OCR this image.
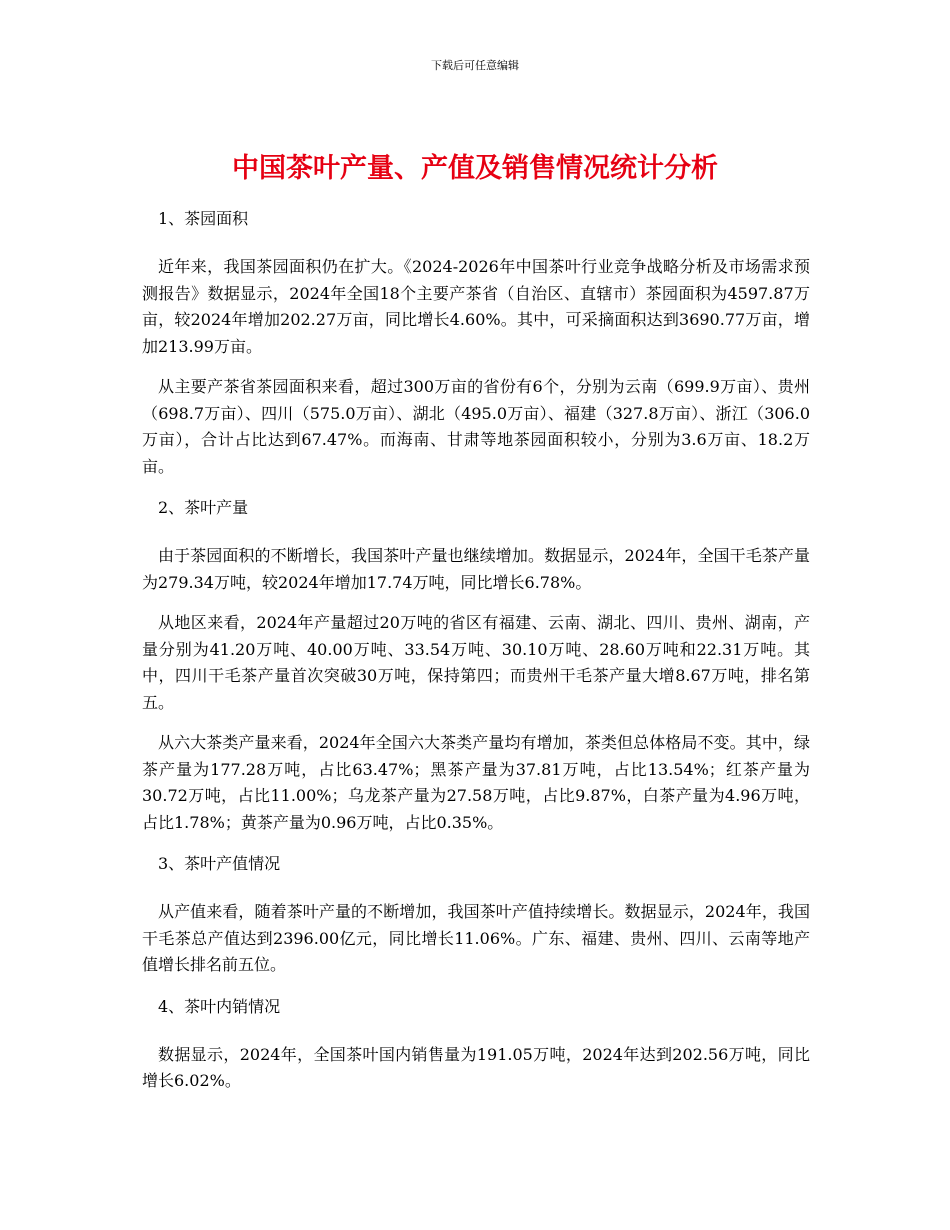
下载后可任意编辑
中国茶叶产量、产值及销售情况统计分析

1、茶园面积

近年来，我国茶园面积仍在扩大。《2024-2026年中国茶叶行业竞争战略分析及市场需求预测报告》数据显示，2024年全国18个主要产茶省（自治区、直辖市）茶园面积为4597.87万亩，较2024年增加202.27万亩，同比增长4.60%。其中，可采摘面积达到3690.77万亩，增加213.99万亩。

从主要产茶省茶园面积来看，超过300万亩的省份有6个，分别为云南（699.9万亩）、贵州（698.7万亩）、四川（575.0万亩）、湖北（495.0万亩）、福建（327.8万亩）、浙江（306.0万亩），合计占比达到67.47%。而海南、甘肃等地茶园面积较小，分别为3.6万亩、18.2万亩。

2、茶叶产量

由于茶园面积的不断增长，我国茶叶产量也继续增加。数据显示，2024年，全国干毛茶产量为279.34万吨，较2024年增加17.74万吨，同比增长6.78%。

从地区来看，2024年产量超过20万吨的省区有福建、云南、湖北、四川、贵州、湖南，产量分别为41.20万吨、40.00万吨、33.54万吨、30.10万吨、28.60万吨和22.31万吨。其中，四川干毛茶产量首次突破30万吨，保持第四；而贵州干毛茶产量大增8.67万吨，排名第五。

从六大茶类产量来看，2024年全国六大茶类产量均有增加，茶类但总体格局不变。其中，绿茶产量为177.28万吨，占比63.47%；黑茶产量为37.81万吨，占比13.54%；红茶产量为30.72万吨，占比11.00%；乌龙茶产量为27.58万吨，占比9.87%，白茶产量为4.96万吨，占比1.78%；黄茶产量为0.96万吨，占比0.35%。

3、茶叶产值情况

从产值来看，随着茶叶产量的不断增加，我国茶叶产值持续增长。数据显示，2024年，我国干毛茶总产值达到2396.00亿元，同比增长11.06%。广东、福建、贵州、四川、云南等地产值增长排名前五位。

4、茶叶内销情况

数据显示，2024年，全国茶叶国内销售量为191.05万吨，2024年达到202.56万吨，同比增长6.02%。
